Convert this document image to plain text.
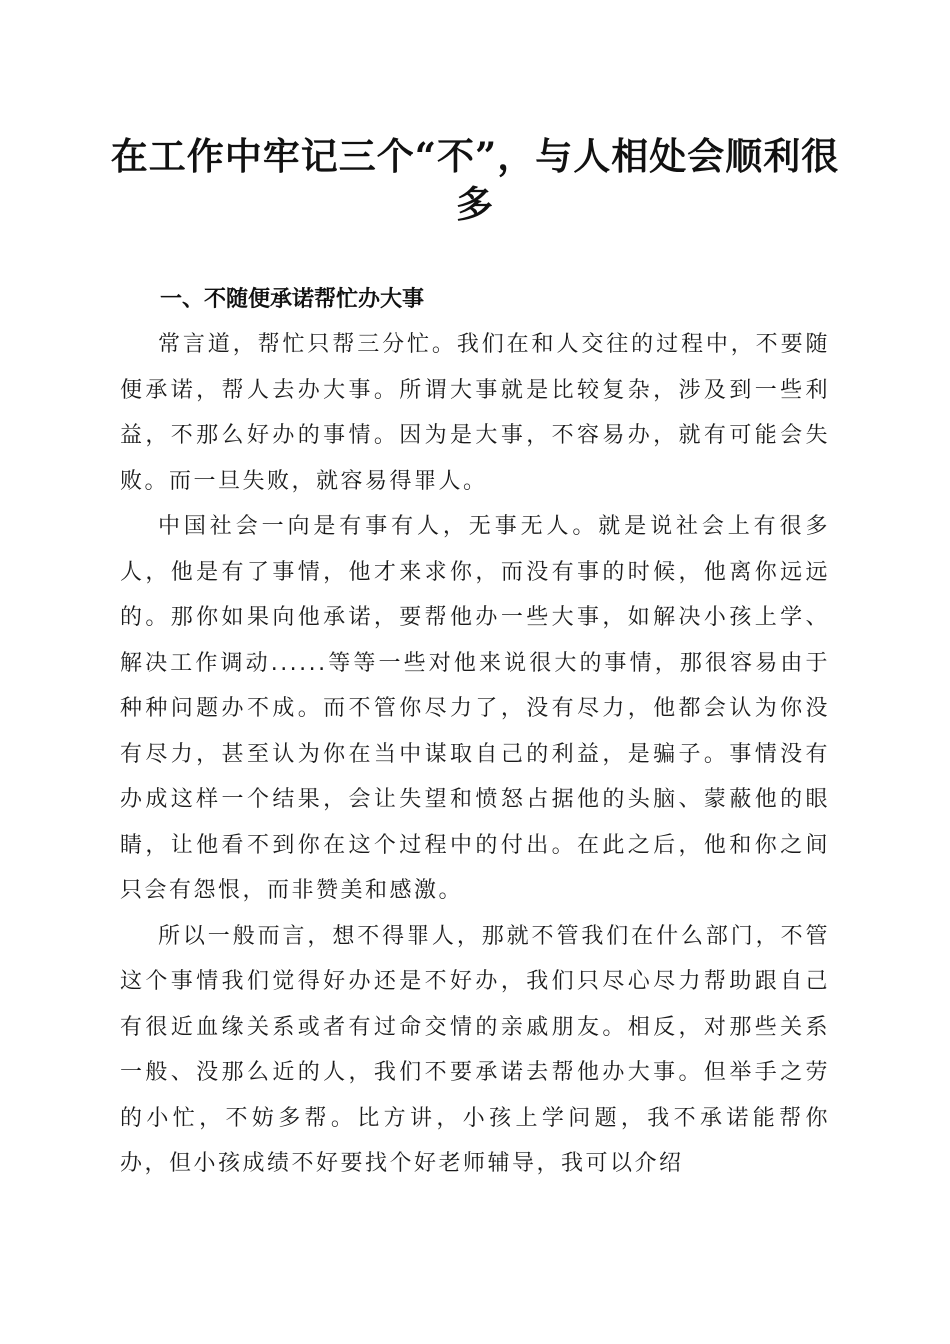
在工作中牢记三个“不”，与人相处会顺利很多
一、不随便承诺帮忙办大事

常言道，帮忙只帮三分忙。我们在和人交往的过程中，不要随便承诺，帮人去办大事。所谓大事就是比较复杂，涉及到一些利益，不那么好办的事情。因为是大事，不容易办，就有可能会失败。而一旦失败，就容易得罪人。

中国社会一向是有事有人，无事无人。就是说社会上有很多人，他是有了事情，他才来求你，而没有事的时候，他离你远远的。那你如果向他承诺，要帮他办一些大事，如解决小孩上学、解决工作调动......等等一些对他来说很大的事情，那很容易由于种种问题办不成。而不管你尽力了，没有尽力，他都会认为你没有尽力，甚至认为你在当中谋取自己的利益，是骗子。事情没有办成这样一个结果，会让失望和愤怒占据他的头脑、蒙蔽他的眼睛，让他看不到你在这个过程中的付出。在此之后，他和你之间只会有怨恨，而非赞美和感激。

所以一般而言，想不得罪人，那就不管我们在什么部门，不管这个事情我们觉得好办还是不好办，我们只尽心尽力帮助跟自己有很近血缘关系或者有过命交情的亲戚朋友。相反，对那些关系一般、没那么近的人，我们不要承诺去帮他办大事。但举手之劳的小忙，不妨多帮。比方讲，小孩上学问题，我不承诺能帮你办，但小孩成绩不好要找个好老师辅导，我可以介绍
